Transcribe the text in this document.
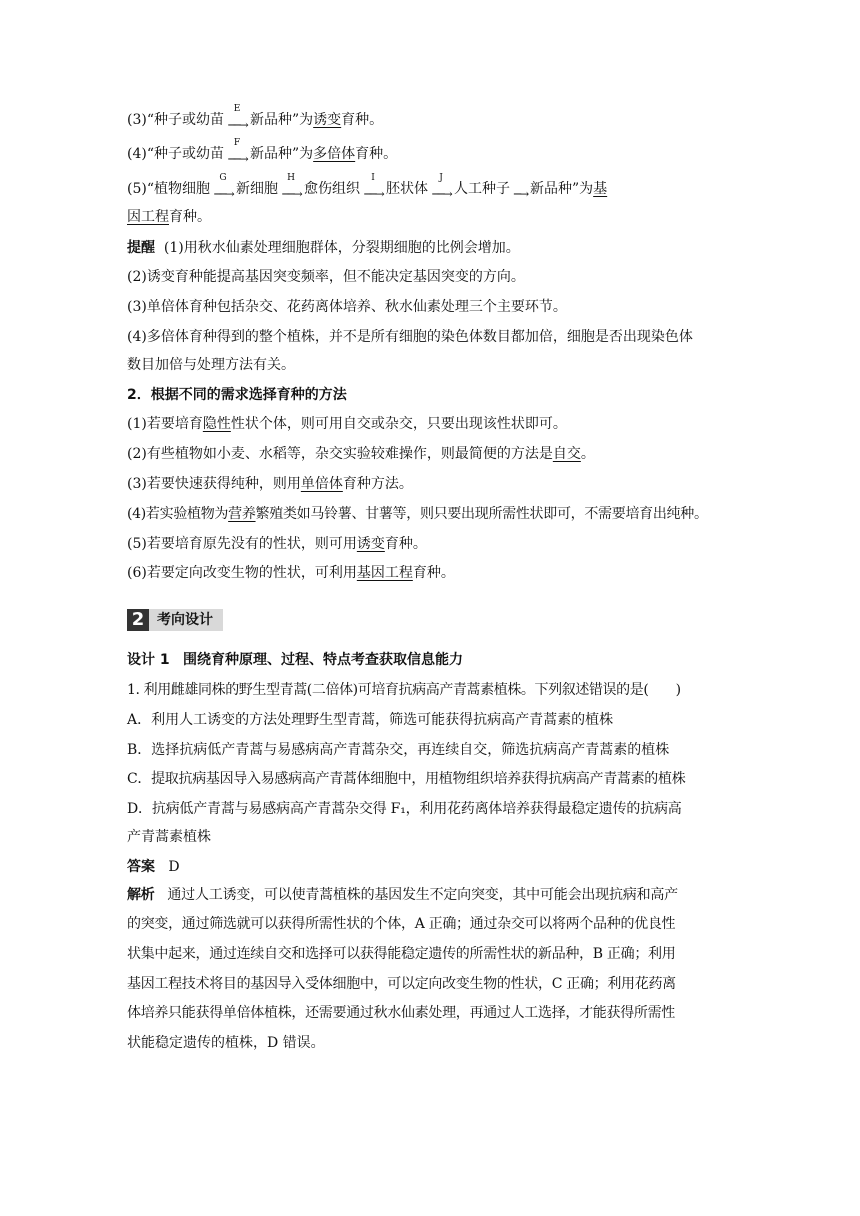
(3)“种子或幼苗
E
──→ 新品种”为诱变育种。
(4)“种子或幼苗
F
──→ 新品种”为多倍体育种。
(5)“植物细胞
G
──→ 新细胞
H
──→ 愈伤组织
I
──→ 胚状体
J
──→ 人工种子 ─→ 新品种”为基
因工程育种。
提醒 (1)用秋水仙素处理细胞群体，分裂期细胞的比例会增加。
(2)诱变育种能提高基因突变频率，但不能决定基因突变的方向。
(3)单倍体育种包括杂交、花药离体培养、秋水仙素处理三个主要环节。
(4)多倍体育种得到的整个植株，并不是所有细胞的染色体数目都加倍，细胞是否出现染色体
数目加倍与处理方法有关。
2．根据不同的需求选择育种的方法
(1)若要培育隐性性状个体，则可用自交或杂交，只要出现该性状即可。
(2)有些植物如小麦、水稻等，杂交实验较难操作，则最简便的方法是自交。
(3)若要快速获得纯种，则用单倍体育种方法。
(4)若实验植物为营养繁殖类如马铃薯、甘薯等，则只要出现所需性状即可，不需要培育出纯种。
(5)若要培育原先没有的性状，则可用诱变育种。
(6)若要定向改变生物的性状，可利用基因工程育种。
2 考向设计
设计 1 围绕育种原理、过程、特点考查获取信息能力
1. 利用雌雄同株的野生型青蒿(二倍体)可培育抗病高产青蒿素植株。下列叙述错误的是(　　)
A．利用人工诱变的方法处理野生型青蒿，筛选可能获得抗病高产青蒿素的植株
B．选择抗病低产青蒿与易感病高产青蒿杂交，再连续自交，筛选抗病高产青蒿素的植株
C．提取抗病基因导入易感病高产青蒿体细胞中，用植物组织培养获得抗病高产青蒿素的植株
D．抗病低产青蒿与易感病高产青蒿杂交得 F₁，利用花药离体培养获得最稳定遗传的抗病高
产青蒿素植株
答案 D
解析 通过人工诱变，可以使青蒿植株的基因发生不定向突变，其中可能会出现抗病和高产
的突变，通过筛选就可以获得所需性状的个体，A 正确；通过杂交可以将两个品种的优良性
状集中起来，通过连续自交和选择可以获得能稳定遗传的所需性状的新品种，B 正确；利用
基因工程技术将目的基因导入受体细胞中，可以定向改变生物的性状，C 正确；利用花药离
体培养只能获得单倍体植株，还需要通过秋水仙素处理，再通过人工选择，才能获得所需性
状能稳定遗传的植株，D 错误。
